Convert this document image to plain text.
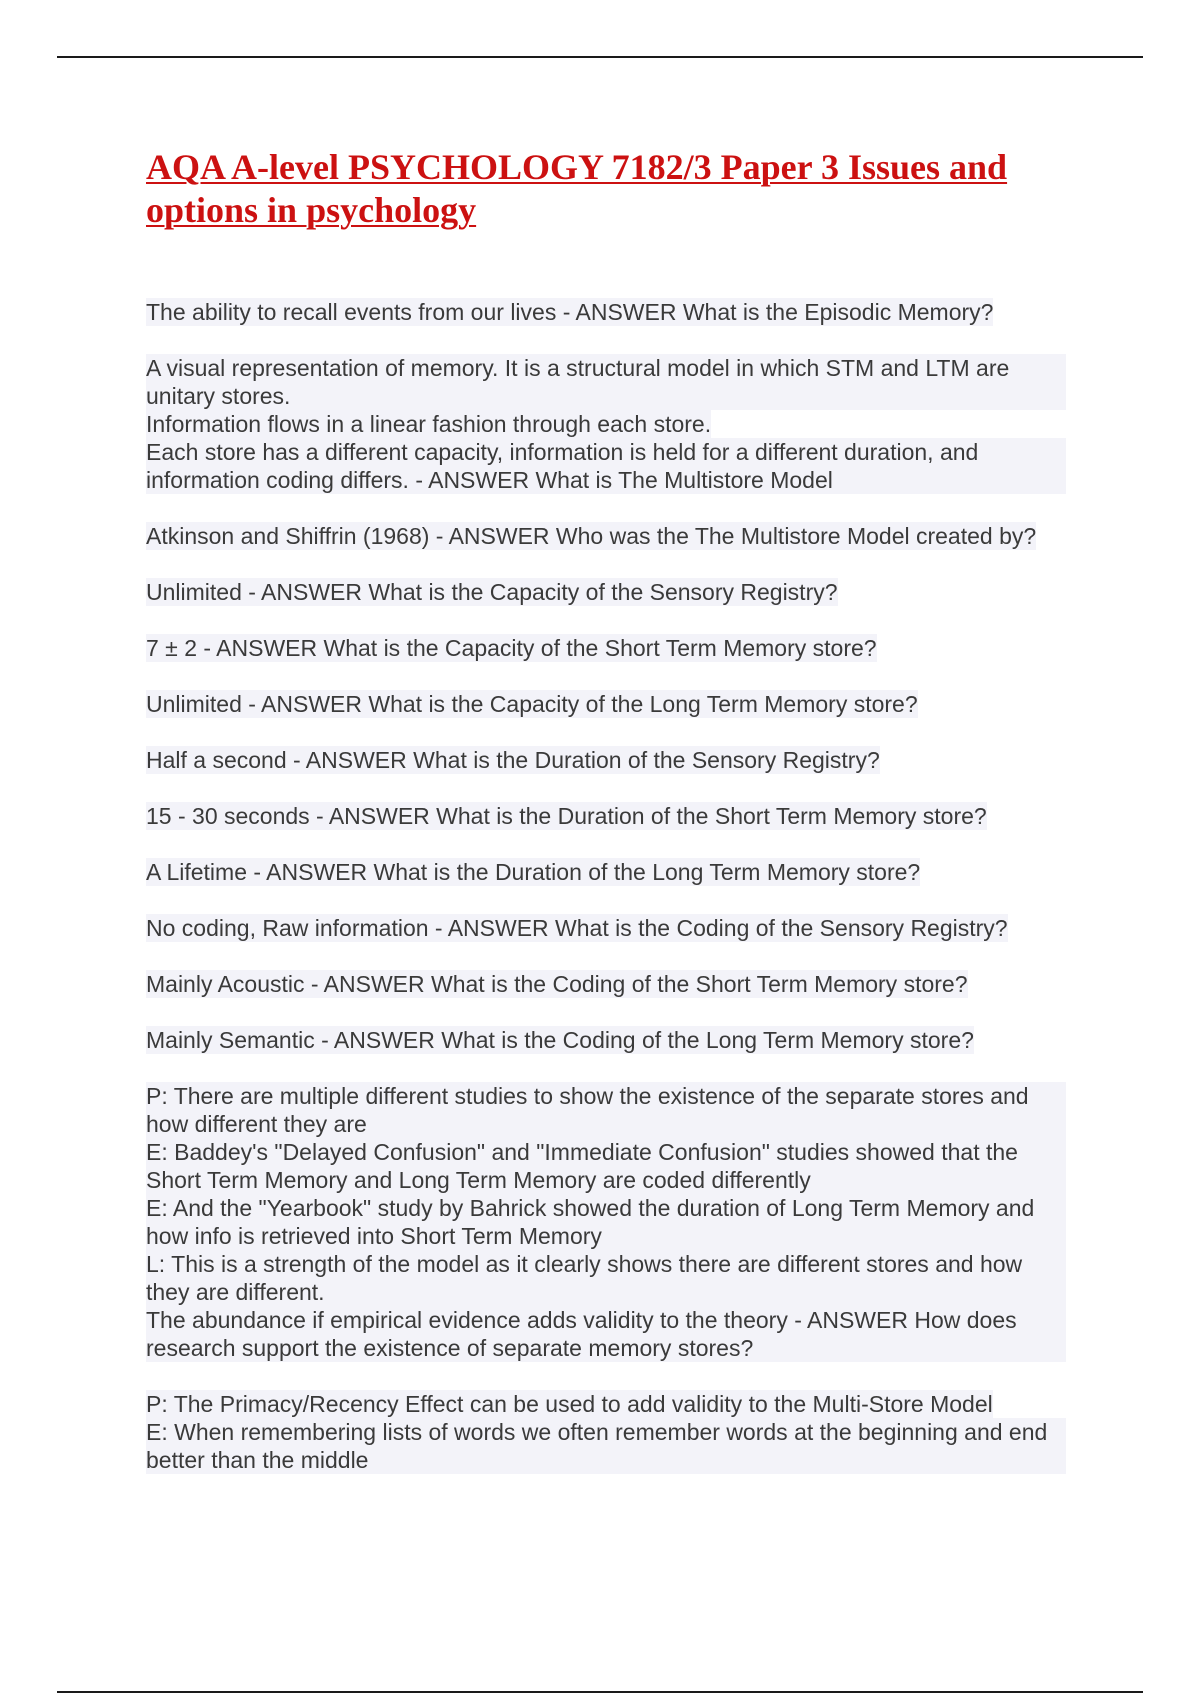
AQA A-level PSYCHOLOGY 7182/3 Paper 3 Issues and options in psychology

The ability to recall events from our lives - ANSWER What is the Episodic Memory?

A visual representation of memory. It is a structural model in which STM and LTM are unitary stores.
Information flows in a linear fashion through each store.
Each store has a different capacity, information is held for a different duration, and information coding differs. - ANSWER What is The Multistore Model

Atkinson and Shiffrin (1968) - ANSWER Who was the The Multistore Model created by?

Unlimited - ANSWER What is the Capacity of the Sensory Registry?

7 ± 2 - ANSWER What is the Capacity of the Short Term Memory store?

Unlimited - ANSWER What is the Capacity of the Long Term Memory store?

Half a second - ANSWER What is the Duration of the Sensory Registry?

15 - 30 seconds - ANSWER What is the Duration of the Short Term Memory store?

A Lifetime - ANSWER What is the Duration of the Long Term Memory store?

No coding, Raw information - ANSWER What is the Coding of the Sensory Registry?

Mainly Acoustic - ANSWER What is the Coding of the Short Term Memory store?

Mainly Semantic - ANSWER What is the Coding of the Long Term Memory store?

P: There are multiple different studies to show the existence of the separate stores and how different they are
E: Baddey's "Delayed Confusion" and "Immediate Confusion" studies showed that the Short Term Memory and Long Term Memory are coded differently
E: And the "Yearbook" study by Bahrick showed the duration of Long Term Memory and how info is retrieved into Short Term Memory
L: This is a strength of the model as it clearly shows there are different stores and how they are different.
The abundance if empirical evidence adds validity to the theory - ANSWER How does research support the existence of separate memory stores?

P: The Primacy/Recency Effect can be used to add validity to the Multi-Store Model
E: When remembering lists of words we often remember words at the beginning and end better than the middle
